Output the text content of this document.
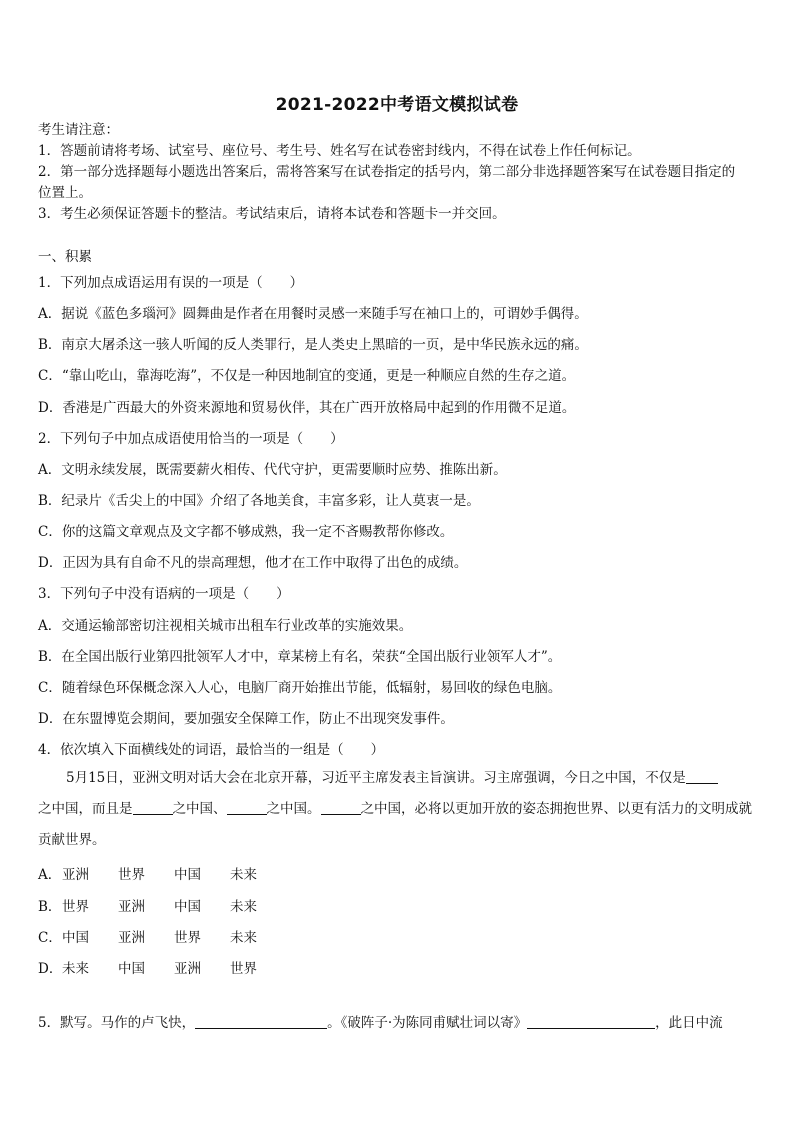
2021-2022中考语文模拟试卷
考生请注意：
1．答题前请将考场、试室号、座位号、考生号、姓名写在试卷密封线内，不得在试卷上作任何标记。
2．第一部分选择题每小题选出答案后，需将答案写在试卷指定的括号内，第二部分非选择题答案写在试卷题目指定的
位置上。
3．考生必须保证答题卡的整洁。考试结束后，请将本试卷和答题卡一并交回。
一、积累
1．下列加点成语运用有误的一项是（　　）
A．据说《蓝色多瑙河》圆舞曲是作者在用餐时灵感一来随手写在袖口上的，可谓妙手偶得。
B．南京大屠杀这一骇人听闻的反人类罪行，是人类史上黑暗的一页，是中华民族永远的痛。
C．“靠山吃山，靠海吃海”，不仅是一种因地制宜的变通，更是一种顺应自然的生存之道。
D．香港是广西最大的外资来源地和贸易伙伴，其在广西开放格局中起到的作用微不足道。
2．下列句子中加点成语使用恰当的一项是（　　）
A．文明永续发展，既需要薪火相传、代代守护，更需要顺时应势、推陈出新。
B．纪录片《舌尖上的中国》介绍了各地美食，丰富多彩，让人莫衷一是。
C．你的这篇文章观点及文字都不够成熟，我一定不吝赐教帮你修改。
D．正因为具有自命不凡的崇高理想，他才在工作中取得了出色的成绩。
3．下列句子中没有语病的一项是（　　）
A．交通运输部密切注视相关城市出租车行业改革的实施效果。
B．在全国出版行业第四批领军人才中，章某榜上有名，荣获“全国出版行业领军人才”。
C．随着绿色环保概念深入人心，电脑厂商开始推出节能，低辐射，易回收的绿色电脑。
D．在东盟博览会期间，要加强安全保障工作，防止不出现突发事件。
4．依次填入下面横线处的词语，最恰当的一组是（　　）
5月15日，亚洲文明对话大会在北京开幕，习近平主席发表主旨演讲。习主席强调，今日之中国，不仅是
之中国，而且是	之中国、	之中国。	之中国，必将以更加开放的姿态拥抱世界、以更有活力的文明成就贡献世界。
A．亚洲 世界 中国 未来
B．世界 亚洲 中国 未来
C．中国 亚洲 世界 未来
D．未来 中国 亚洲 世界
5．默写。马作的卢飞快，	。《破阵子·为陈同甫赋壮词以寄》	，此日中流
